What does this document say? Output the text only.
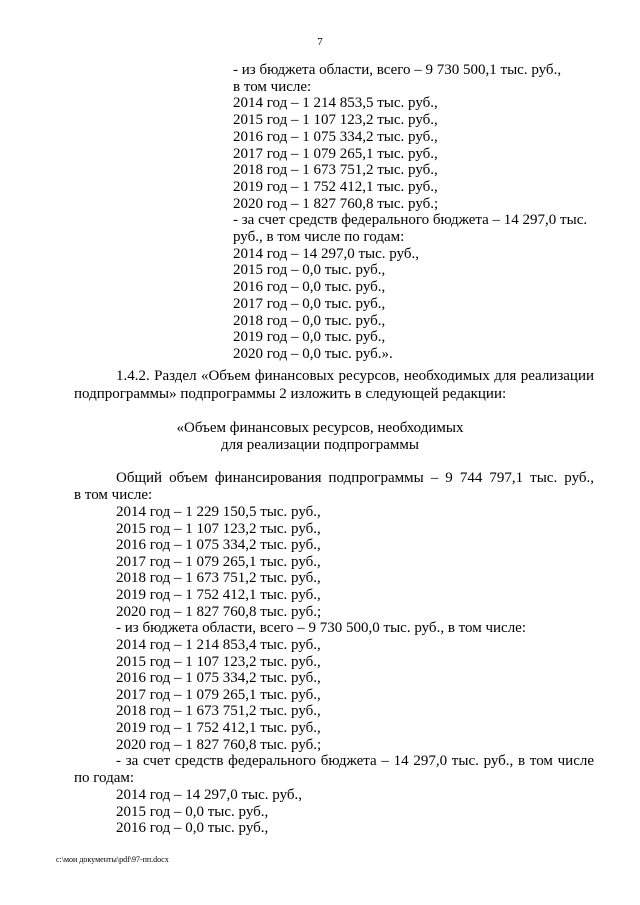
7
- из бюджета области, всего – 9 730 500,1 тыс. руб.,
в том числе:
2014 год – 1 214 853,5 тыс. руб.,
2015 год – 1 107 123,2 тыс. руб.,
2016 год – 1 075 334,2 тыс. руб.,
2017 год – 1 079 265,1 тыс. руб.,
2018 год – 1 673 751,2 тыс. руб.,
2019 год – 1 752 412,1 тыс. руб.,
2020 год – 1 827 760,8 тыс. руб.;
- за счет средств федерального бюджета – 14 297,0 тыс.
руб., в том числе по годам:
2014 год – 14 297,0 тыс. руб.,
2015 год – 0,0 тыс. руб.,
2016 год – 0,0 тыс. руб.,
2017 год – 0,0 тыс. руб.,
2018 год – 0,0 тыс. руб.,
2019 год – 0,0 тыс. руб.,
2020 год – 0,0 тыс. руб.».
1.4.2. Раздел «Объем финансовых ресурсов, необходимых для реализации
подпрограммы» подпрограммы 2 изложить в следующей редакции:
«Объем финансовых ресурсов, необходимых
для реализации подпрограммы
Общий объем финансирования подпрограммы – 9 744 797,1 тыс. руб.,
в том числе:
2014 год – 1 229 150,5 тыс. руб.,
2015 год – 1 107 123,2 тыс. руб.,
2016 год – 1 075 334,2 тыс. руб.,
2017 год – 1 079 265,1 тыс. руб.,
2018 год – 1 673 751,2 тыс. руб.,
2019 год – 1 752 412,1 тыс. руб.,
2020 год – 1 827 760,8 тыс. руб.;
- из бюджета области, всего – 9 730 500,0 тыс. руб., в том числе:
2014 год – 1 214 853,4 тыс. руб.,
2015 год – 1 107 123,2 тыс. руб.,
2016 год – 1 075 334,2 тыс. руб.,
2017 год – 1 079 265,1 тыс. руб.,
2018 год – 1 673 751,2 тыс. руб.,
2019 год – 1 752 412,1 тыс. руб.,
2020 год – 1 827 760,8 тыс. руб.;
- за счет средств федерального бюджета – 14 297,0 тыс. руб., в том числе
по годам:
2014 год – 14 297,0 тыс. руб.,
2015 год – 0,0 тыс. руб.,
2016 год – 0,0 тыс. руб.,
c:\мои документы\pdf\97-пп.docx
